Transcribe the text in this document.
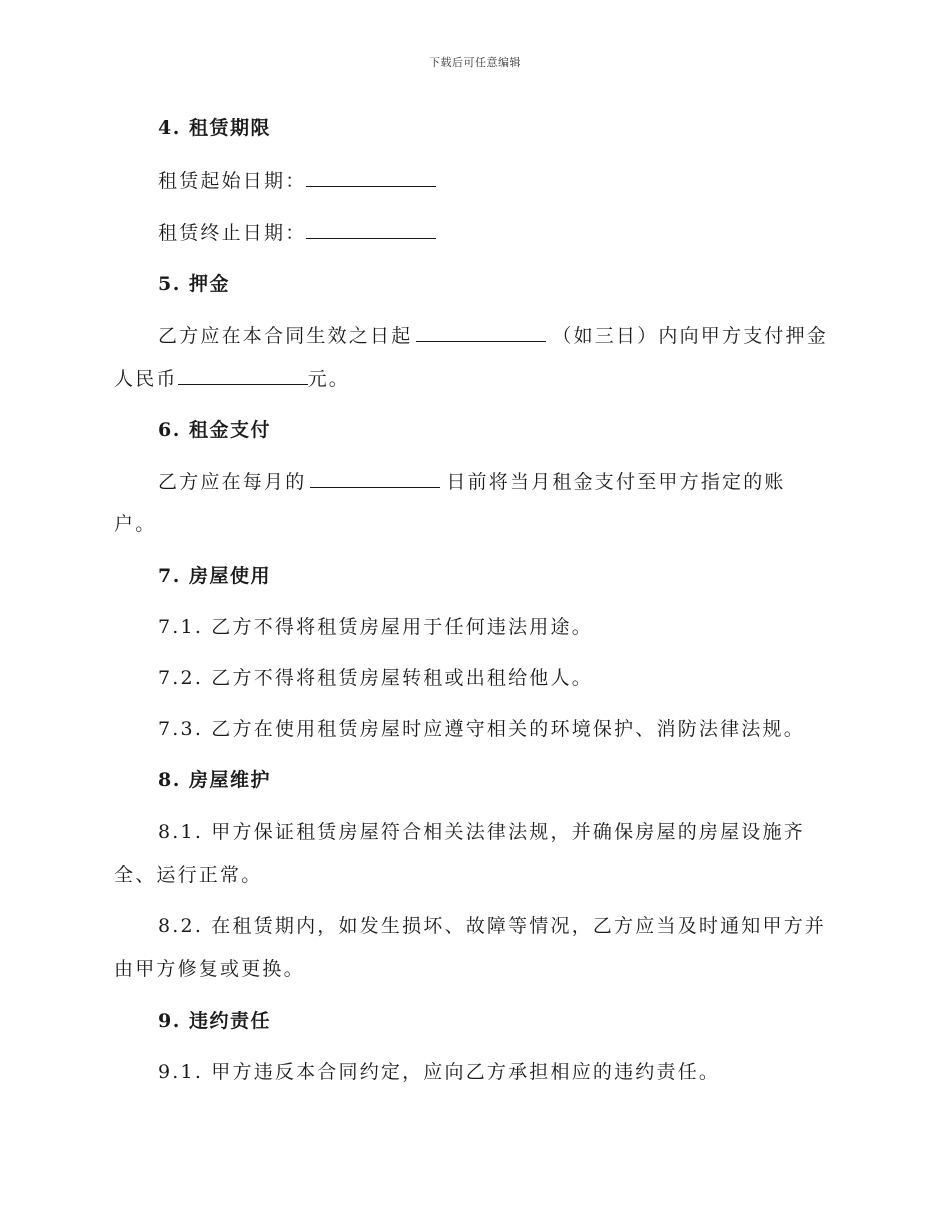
下载后可任意编辑
4. 租赁期限
租赁起始日期：
租赁终止日期：
5. 押金
乙方应在本合同生效之日起	（如三日）内向甲方支付押金
人民币	元。
6. 租金支付
乙方应在每月的	日前将当月租金支付至甲方指定的账
户。
7. 房屋使用
7.1. 乙方不得将租赁房屋用于任何违法用途。
7.2. 乙方不得将租赁房屋转租或出租给他人。
7.3. 乙方在使用租赁房屋时应遵守相关的环境保护、消防法律法规。
8. 房屋维护
8.1. 甲方保证租赁房屋符合相关法律法规，并确保房屋的房屋设施齐
全、运行正常。
8.2. 在租赁期内，如发生损坏、故障等情况，乙方应当及时通知甲方并
由甲方修复或更换。
9. 违约责任
9.1. 甲方违反本合同约定，应向乙方承担相应的违约责任。
